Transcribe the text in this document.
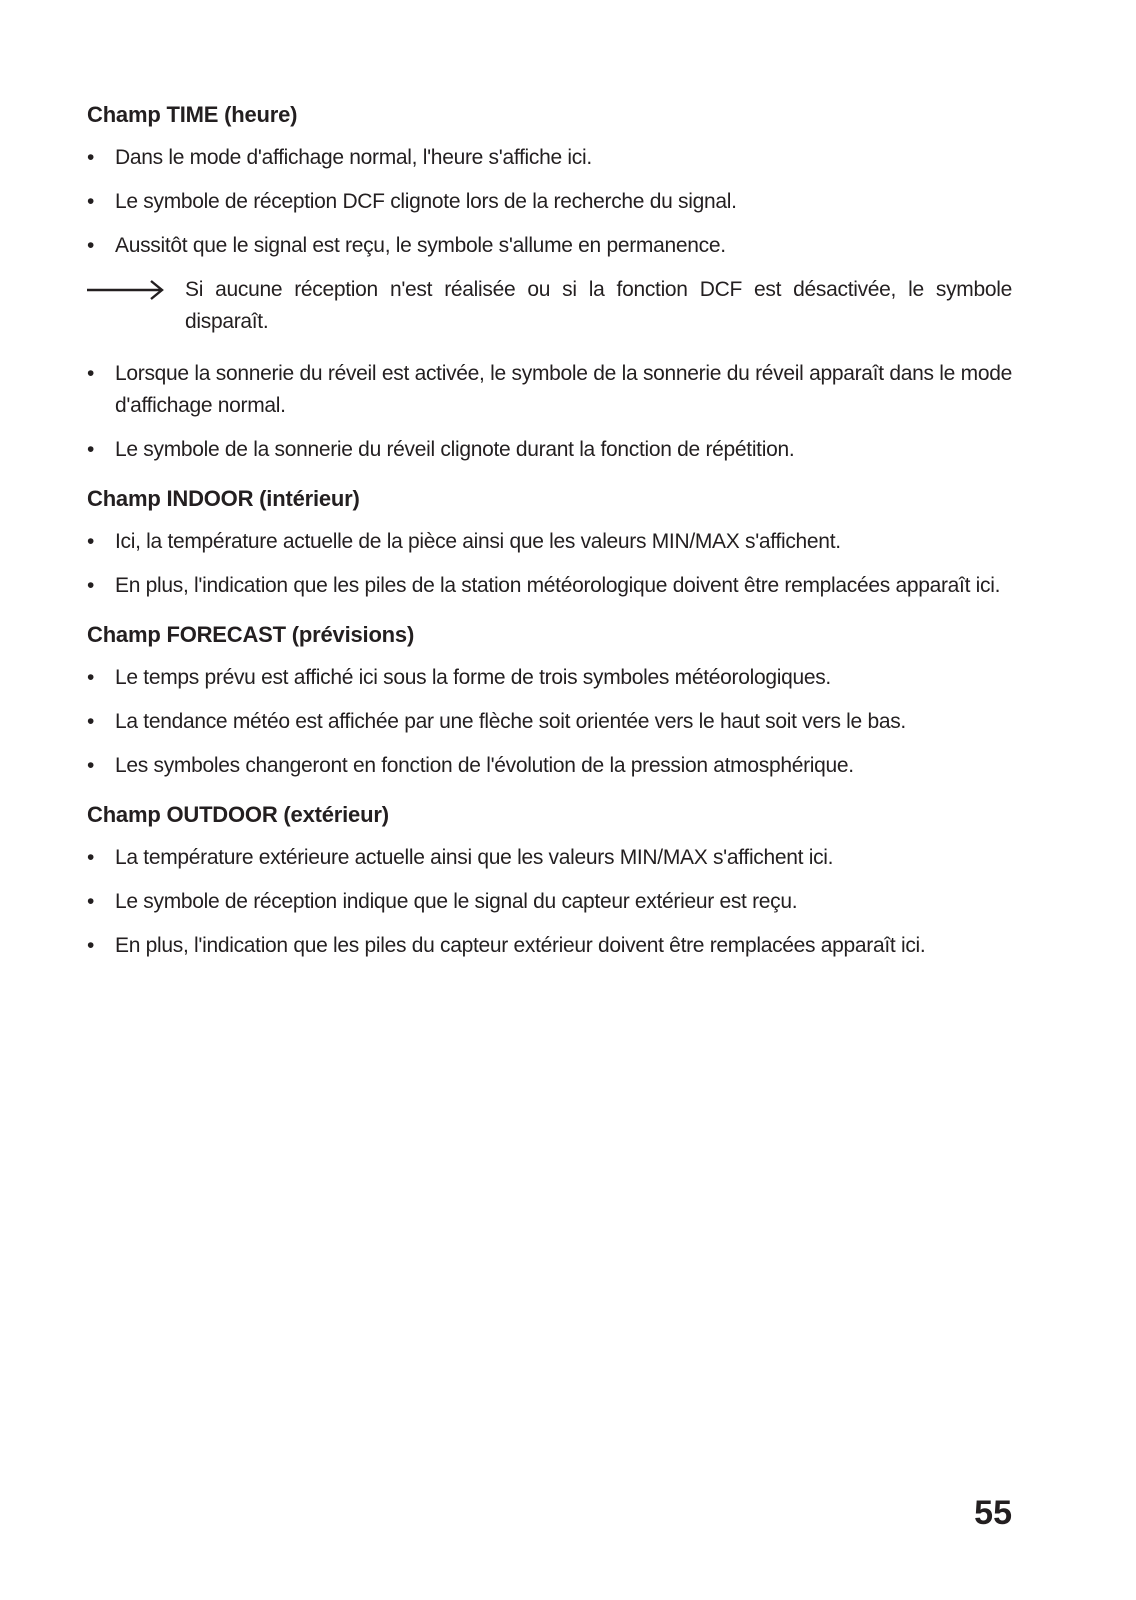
Champ TIME (heure)
• Dans le mode d'affichage normal, l'heure s'affiche ici.
• Le symbole de réception DCF clignote lors de la recherche du signal.
• Aussitôt que le signal est reçu, le symbole s'allume en permanence.
Si aucune réception n'est réalisée ou si la fonction DCF est désactivée, le symbole disparaît.
• Lorsque la sonnerie du réveil est activée, le symbole de la sonnerie du réveil apparaît dans le mode d'affichage normal.
• Le symbole de la sonnerie du réveil clignote durant la fonction de répétition.
Champ INDOOR (intérieur)
• Ici, la température actuelle de la pièce ainsi que les valeurs MIN/MAX s'affichent.
• En plus, l'indication que les piles de la station météorologique doivent être remplacées apparaît ici.
Champ FORECAST (prévisions)
• Le temps prévu est affiché ici sous la forme de trois symboles météorologiques.
• La tendance météo est affichée par une flèche soit orientée vers le haut soit vers le bas.
• Les symboles changeront en fonction de l'évolution de la pression atmosphérique.
Champ OUTDOOR (extérieur)
• La température extérieure actuelle ainsi que les valeurs MIN/MAX s'affichent ici.
• Le symbole de réception indique que le signal du capteur extérieur est reçu.
• En plus, l'indication que les piles du capteur extérieur doivent être remplacées apparaît ici.
55
